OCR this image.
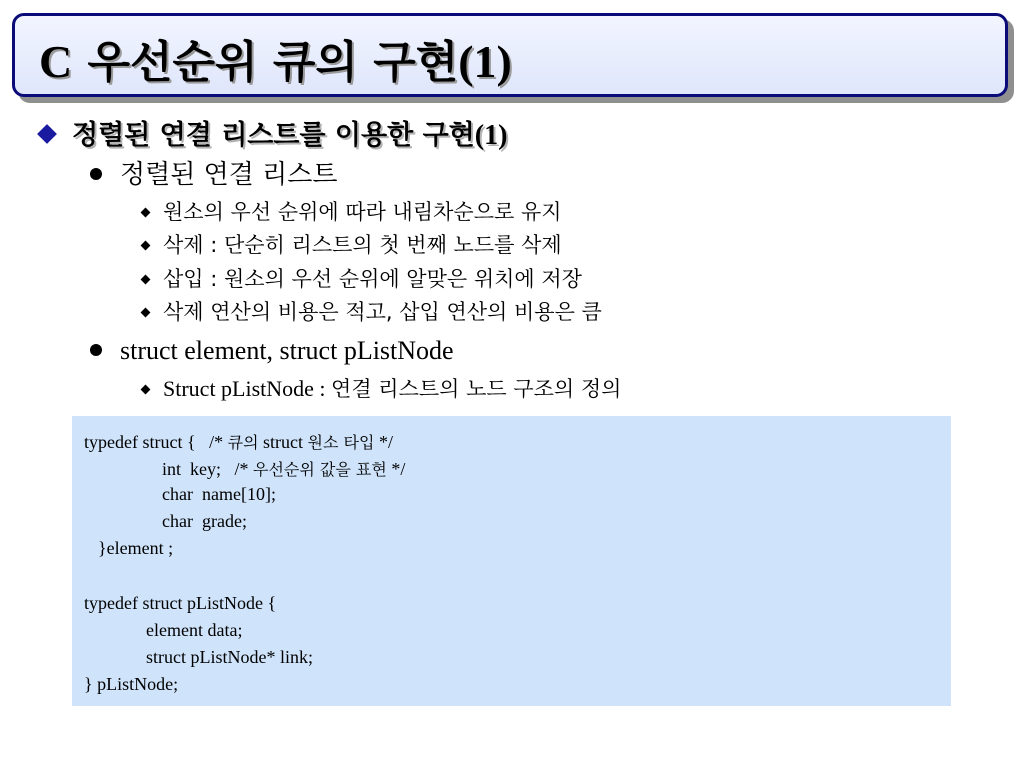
C 우선순위 큐의 구현(1)
정렬된 연결 리스트를 이용한 구현(1)
정렬된 연결 리스트
원소의 우선 순위에 따라 내림차순으로 유지
삭제 : 단순히 리스트의 첫 번째 노드를 삭제
삽입 : 원소의 우선 순위에 알맞은 위치에 저장
삭제 연산의 비용은 적고, 삽입 연산의 비용은 큼
struct element, struct pListNode
Struct pListNode : 연결 리스트의 노드 구조의 정의
typedef struct {   /* 큐의 struct 원소 타입 */
int  key;   /* 우선순위 값을 표현 */
char  name[10];
char  grade;
}element ;
typedef struct pListNode {
element data;
struct pListNode* link;
} pListNode;
